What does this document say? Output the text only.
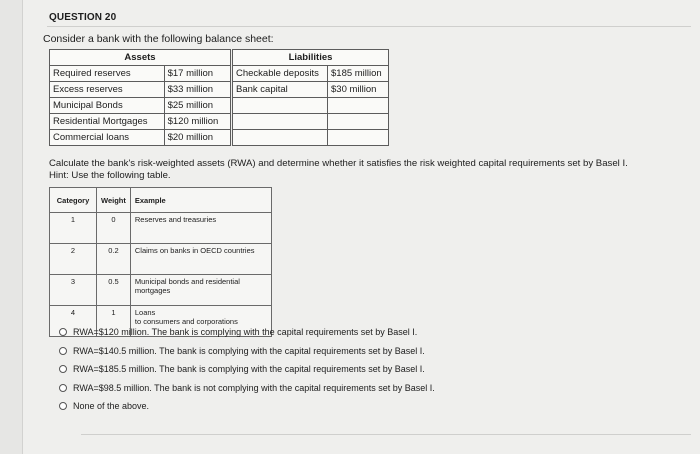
QUESTION 20
Consider a bank with the following balance sheet:
Assets	
Required reserves	$17 million
Excess reserves	$33 million
Municipal Bonds	$25 million
Residential Mortgages	$120 million
Commercial loans	$20 million
Liabilities	
Checkable deposits	$185 million
Bank capital	$30 million

Calculate the bank's risk-weighted assets (RWA) and determine whether it satisfies the risk weighted capital requirements set by Basel I.
Hint: Use the following table.
Category	Weight	Example
1	0	Reserves and treasuries

2	0.2	Claims on banks in OECD countries

3	0.5	Municipal bonds and residential
mortgages

4	1	Loans
to consumers and corporations
RWA=$120 million. The bank is complying with the capital requirements set by Basel I.
RWA=$140.5 million. The bank is complying with the capital requirements set by Basel I.
RWA=$185.5 million. The bank is complying with the capital requirements set by Basel I.
RWA=$98.5 million. The bank is not complying with the capital requirements set by Basel I.
None of the above.
